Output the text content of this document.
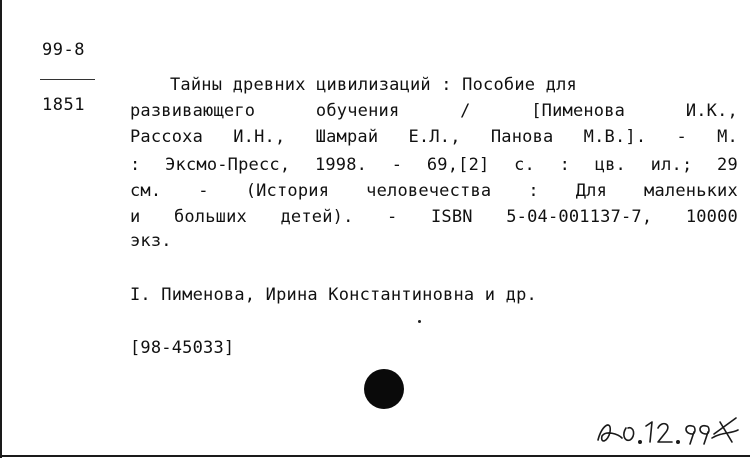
99-8
1851
Тайны древних цивилизаций : Пособие для
развивающего	обучения	/	[Пименова	И.К.,
Рассоха И.Н., Шамрай Е.Л., Панова М.В.]. - М.
: Эксмо-Пресс, 1998. - 69,[2] с. : цв. ил.; 29
см. - (История человечества : Для маленьких
и больших детей). - ISBN 5-04-001137-7, 10000
экз.
I. Пименова, Ирина Константиновна и др.
[98-45033]
